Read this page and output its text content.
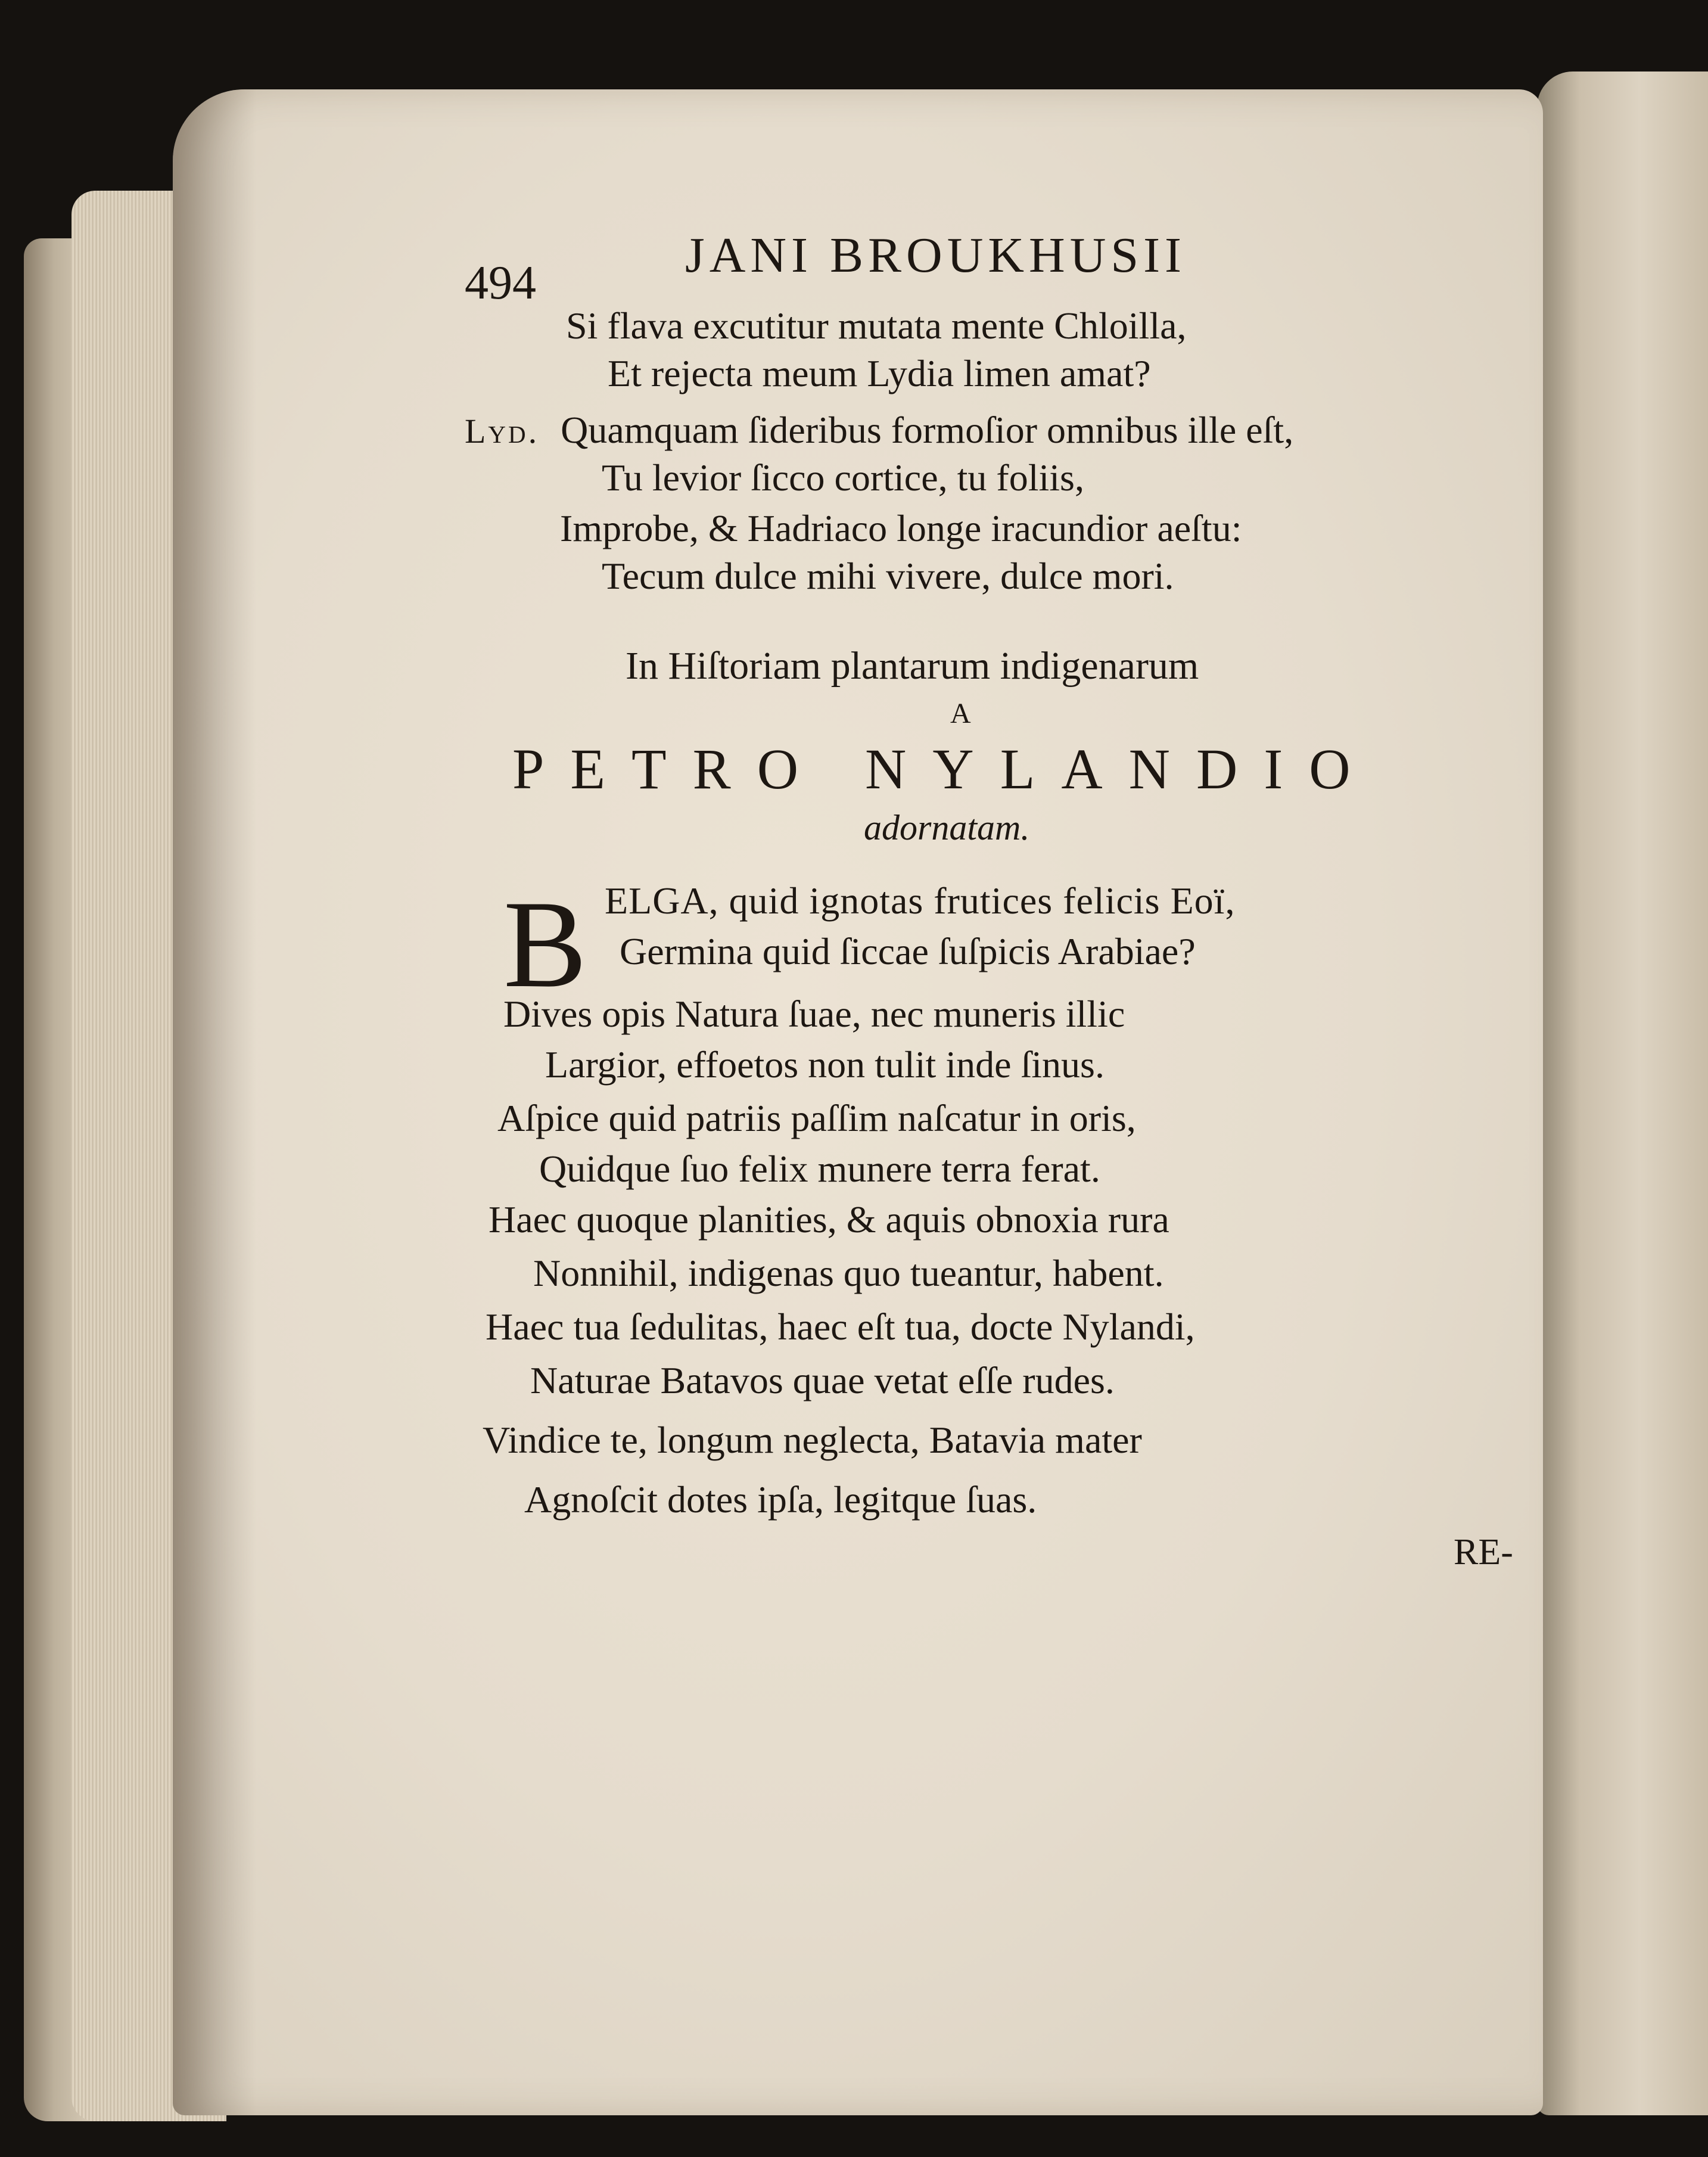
494	JANI BROUKHUSII
Si flava excutitur mutata mente Chloilla,
Et rejecta meum Lydia limen amat?
Lyd. Quamquam ſideribus formoſior omnibus ille eſt,
Tu levior ſicco cortice, tu foliis,
Improbe, & Hadriaco longe iracundior aeſtu:
Tecum dulce mihi vivere, dulce mori.
In Hiſtoriam plantarum indigenarum
A
PETRO NYLANDIO
adornatam.
B ELGA, quid ignotas frutices felicis Eoï,
Germina quid ſiccae ſuſpicis Arabiae?
Dives opis Natura ſuae, nec muneris illic
Largior, effoetos non tulit inde ſinus.
Aſpice quid patriis paſſim naſcatur in oris,
Quidque ſuo felix munere terra ferat.
Haec quoque planities, & aquis obnoxia rura
Nonnihil, indigenas quo tueantur, habent.
Haec tua ſedulitas, haec eſt tua, docte Nylandi,
Naturae Batavos quae vetat eſſe rudes.
Vindice te, longum neglecta, Batavia mater
Agnoſcit dotes ipſa, legitque ſuas.
RE-
